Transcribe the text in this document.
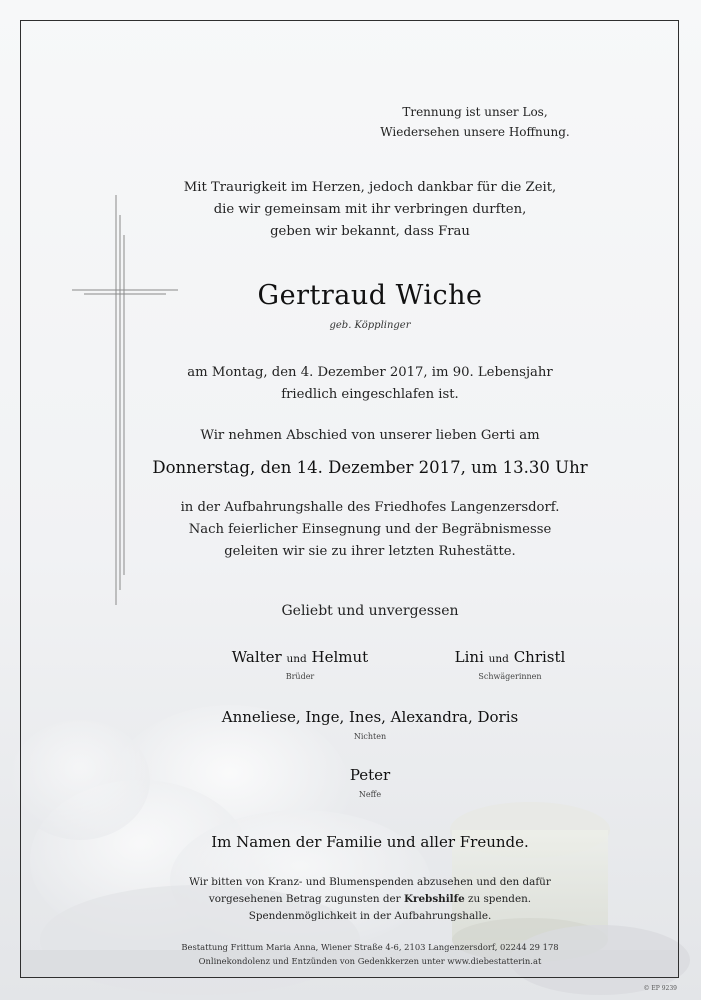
Trennung ist unser Los,
Wiedersehen unsere Hoffnung.
Mit Traurigkeit im Herzen, jedoch dankbar für die Zeit,
die wir gemeinsam mit ihr verbringen durften,
geben wir bekannt, dass Frau
Gertraud Wiche
geb. Köpplinger
am Montag, den 4. Dezember 2017, im 90. Lebensjahr
friedlich eingeschlafen ist.
Wir nehmen Abschied von unserer lieben Gerti am
Donnerstag, den 14. Dezember 2017, um 13.30 Uhr
in der Aufbahrungshalle des Friedhofes Langenzersdorf.
Nach feierlicher Einsegnung und der Begräbnismesse
geleiten wir sie zu ihrer letzten Ruhestätte.
Geliebt und unvergessen
Walter und Helmut
Brüder
Lini und Christl
Schwägerinnen
Anneliese, Inge, Ines, Alexandra, Doris
Nichten
Peter
Neffe
Im Namen der Familie und aller Freunde.
Wir bitten von Kranz- und Blumenspenden abzusehen und den dafür
vorgesehenen Betrag zugunsten der Krebshilfe zu spenden.
Spendenmöglichkeit in der Aufbahrungshalle.
Bestattung Frittum Maria Anna, Wiener Straße 4-6, 2103 Langenzersdorf, 02244 29 178
Onlinekondolenz und Entzünden von Gedenkkerzen unter www.diebestatterin.at
© EP 9239
